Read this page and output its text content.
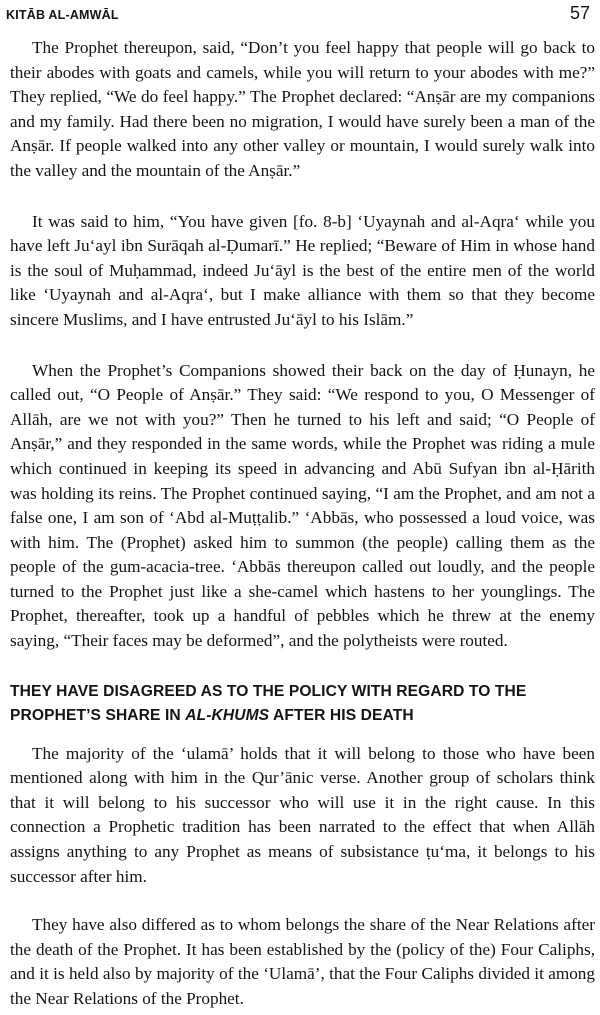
KITĀB AL-AMWĀL	57

The Prophet thereupon, said, “Don’t you feel happy that people will go back to their abodes with goats and camels, while you will return to your abodes with me?” They replied, “We do feel happy.” The Prophet declared: “Anṣār are my companions and my family. Had there been no migration, I would have surely been a man of the Anṣār. If people walked into any other valley or mountain, I would surely walk into the valley and the mountain of the Anṣār.”

It was said to him, “You have given [fo. 8-b] ‘Uyaynah and al-Aqra‘ while you have left Ju‘ayl ibn Surāqah al-Ḍumarī.” He replied; “Beware of Him in whose hand is the soul of Muḥammad, indeed Ju‘āyl is the best of the entire men of the world like ‘Uyaynah and al-Aqra‘, but I make alliance with them so that they become sincere Muslims, and I have entrusted Ju‘āyl to his Islām.”

When the Prophet’s Companions showed their back on the day of Ḥunayn, he called out, “O People of Anṣār.” They said: “We respond to you, O Messenger of Allāh, are we not with you?” Then he turned to his left and said; “O People of Anṣār,” and they responded in the same words, while the Prophet was riding a mule which continued in keeping its speed in advancing and Abū Sufyan ibn al-Ḥārith was holding its reins. The Prophet continued saying, “I am the Prophet, and am not a false one, I am son of ‘Abd al-Muṭṭalib.” ‘Abbās, who possessed a loud voice, was with him. The (Prophet) asked him to summon (the people) calling them as the people of the gum-acacia-tree. ‘Abbās thereupon called out loudly, and the people turned to the Prophet just like a she-camel which hastens to her younglings. The Prophet, thereafter, took up a handful of pebbles which he threw at the enemy saying, “Their faces may be deformed”, and the polytheists were routed.

THEY HAVE DISAGREED AS TO THE POLICY WITH REGARD TO THE PROPHET’S SHARE IN AL-KHUMS AFTER HIS DEATH

The majority of the ‘ulamā’ holds that it will belong to those who have been mentioned along with him in the Qur’ānic verse. Another group of scholars think that it will belong to his successor who will use it in the right cause. In this connection a Prophetic tradition has been narrated to the effect that when Allāh assigns anything to any Prophet as means of subsistance ṭu‘ma, it belongs to his successor after him.

They have also differed as to whom belongs the share of the Near Relations after the death of the Prophet. It has been established by the (policy of the) Four Caliphs, and it is held also by majority of the ‘Ulamā’, that the Four Caliphs divided it among the Near Relations of the Prophet.
